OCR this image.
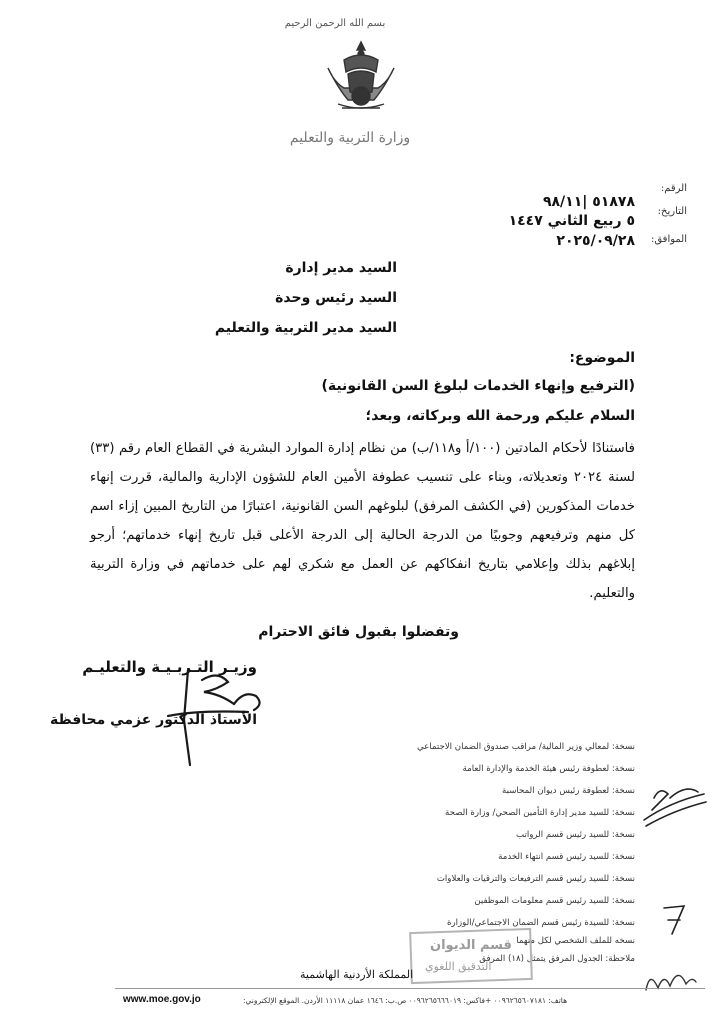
بسم الله الرحمن الرحيم
وزارة التربية والتعليم
الرقم:
٥١٨٧٨ |٩٨/١١
التاريخ:
٥ ربيع الثاني ١٤٤٧
الموافق:
٢٠٢٥/٠٩/٢٨
السيد مدير إدارة
السيد رئيس وحدة
السيد مدير التربية والتعليم
الموضوع:
(الترفيع وإنهاء الخدمات لبلوغ السن القانونية)
السلام عليكم ورحمة الله وبركاته، وبعد؛
فاستنادًا لأحكام المادتين (١٠٠/أ و١١٨/ب) من نظام إدارة الموارد البشرية في القطاع العام رقم (٣٣) لسنة ٢٠٢٤ وتعديلاته، وبناء على تنسيب عطوفة الأمين العام للشؤون الإدارية والمالية، قررت إنهاء خدمات المذكورين (في الكشف المرفق) لبلوغهم السن القانونية، اعتبارًا من التاريخ المبين إزاء اسم كل منهم وترفيعهم وجوبيًا من الدرجة الحالية إلى الدرجة الأعلى قبل تاريخ إنهاء خدماتهم؛ أرجو إبلاغهم بذلك وإعلامي بتاريخ انفكاكهم عن العمل مع شكري لهم على خدماتهم في وزارة التربية والتعليم.
وتفضلوا بقبول فائق الاحترام
وزيـر التـربـيـة والتعليـم
الأستاذ الدكتور عزمي محافظة
نسخة: لمعالي وزير المالية/ مراقب صندوق الضمان الاجتماعي
نسخة: لعطوفة رئيس هيئة الخدمة والإدارة العامة
نسخة: لعطوفة رئيس ديوان المحاسبة
نسخة: للسيد مدير إدارة التأمين الصحي/ وزارة الصحة
نسخة: للسيد رئيس قسم الرواتب
نسخة: للسيد رئيس قسم انتهاء الخدمة
نسخة: للسيد رئيس قسم الترفيعات والترقيات والعلاوات
نسخة: للسيد رئيس قسم معلومات الموظفين
نسخة: للسيدة رئيس قسم الضمان الاجتماعي/الوزارة
نسخه للملف الشخصي لكل منهما
ملاحظة: الجدول المرفق يتمثل (١٨) المرفق
قسم الديوان
التدقيق اللغوي
المملكة الأردنية الهاشمية
www.moe.gov.jo	هاتف: ٠٠٩٦٢٦٥٦٠٧١٨١ +فاكس: ٠٠٩٦٢٦٥٦٦٦٠١٩ ص.ب: ١٦٤٦ عمان ١١١١٨ الأردن. الموقع الإلكتروني:
